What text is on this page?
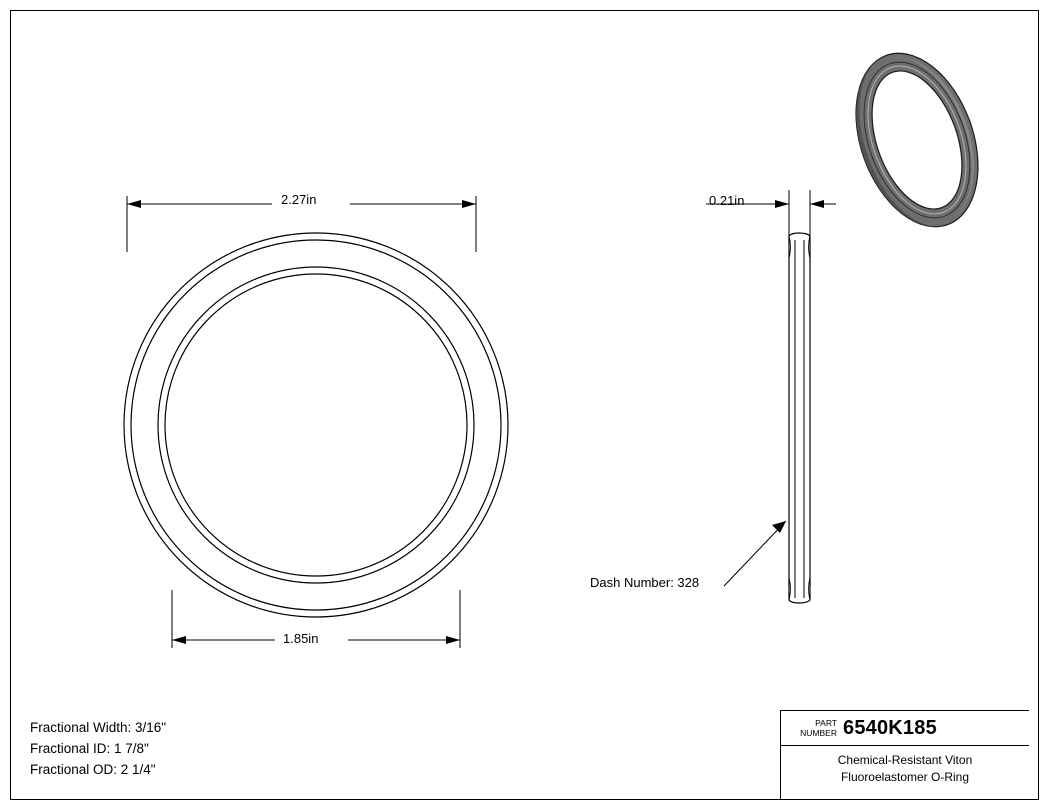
2.27in
1.85in
0.21in
Dash Number: 328
Fractional Width: 3/16"
Fractional ID: 1 7/8"
Fractional OD: 2 1/4"
PART
NUMBER 6540K185
Chemical-Resistant Viton
Fluoroelastomer O-Ring
